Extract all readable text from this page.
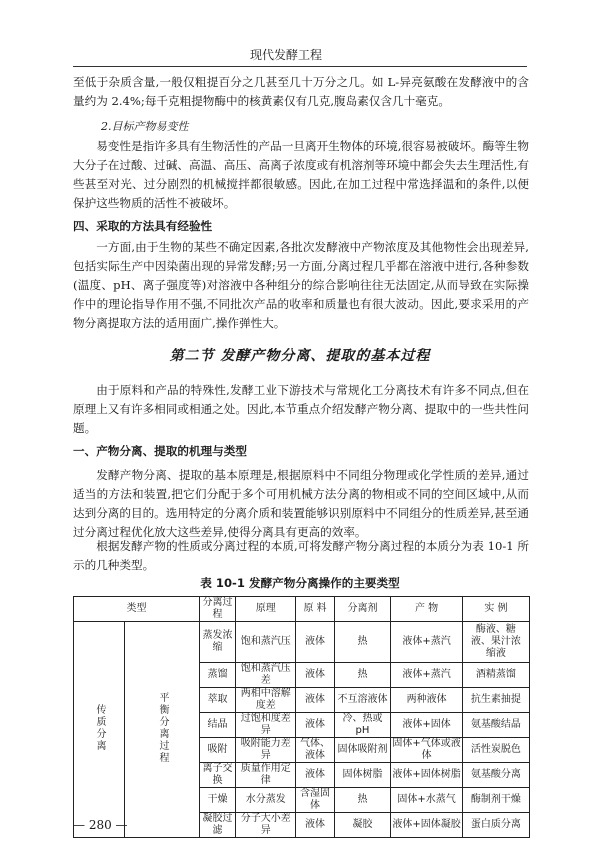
现代发酵工程

至低于杂质含量,一般仅粗提百分之几甚至几十万分之几。如 L-异亮氨酸在发酵液中的含量约为 2.4%;每千克粗提物酶中的核黄素仅有几克,腹岛素仅含几十毫克。

2.目标产物易变性

易变性是指许多具有生物活性的产品一旦离开生物体的环境,很容易被破坏。酶等生物 大分子在过酸、过碱、高温、高压、高离子浓度或有机溶剂等环境中都会失去生理活性,有些甚至对光、过分剧烈的机械搅拌都很敏感。因此,在加工过程中常选择温和的条件,以便保护这些物质的活性不被破坏。

四、采取的方法具有经验性

一方面,由于生物的某些不确定因素,各批次发酵液中产物浓度及其他物性会出现差异,包括实际生产中因染菌出现的异常发酵;另一方面,分离过程几乎都在溶液中进行,各种参数(温度、pH、离子强度等)对溶液中各种组分的综合影响往往无法固定,从而导致在实际操作中的理论指导作用不强,不同批次产品的收率和质量也有很大波动。因此,要求采用的产物分离提取方法的适用面广,操作弹性大。

第二节 发酵产物分离、提取的基本过程

由于原料和产品的特殊性,发酵工业下游技术与常规化工分离技术有许多不同点,但在原理上又有许多相同或相通之处。因此,本节重点介绍发酵产物分离、提取中的一些共性问题。

一、产物分离、提取的机理与类型

发酵产物分离、提取的基本原理是,根据原料中不同组分物理或化学性质的差异,通过适当的方法和装置,把它们分配于多个可用机械方法分离的物相或不同的空间区域中,从而达到分离的目的。选用特定的分离介质和装置能够识别原料中不同组分的性质差异,甚至通过分离过程优化放大这些差异,使得分离具有更高的效率。

根据发酵产物的性质或分离过程的本质,可将发酵产物分离过程的本质分为表 10-1 所示的几种类型。

表 10-1 发酵产物分离操作的主要类型

类型		分离过程	原理	原 料	分离剂	产 物	实 例
传质分离	平衡分离过程	蒸发浓缩	饱和蒸汽压	液体	热	液体+蒸汽	酶液、糖液、果汁浓缩液
		蒸馏	饱和蒸汽压差	液体	热	液体+蒸汽	酒精蒸馏
		萃取	两相中溶解度差	液体	不互溶液体	两种液体	抗生素抽提
		结晶	过饱和度差异	液体	冷、热或 pH	液体+固体	氨基酸结晶
		吸附	吸附能力差异	气体、液体	固体吸附剂	固体+气体或液体	活性炭脱色
		离子交换	质量作用定律	液体	固体树脂	液体+固体树脂	氨基酸分离
		干燥	水分蒸发	含湿固体	热	固体+水蒸气	酶制剂干燥
		凝胶过滤	分子大小差异	液体	凝胶	液体+固体凝胶	蛋白质分离
— 280 —
